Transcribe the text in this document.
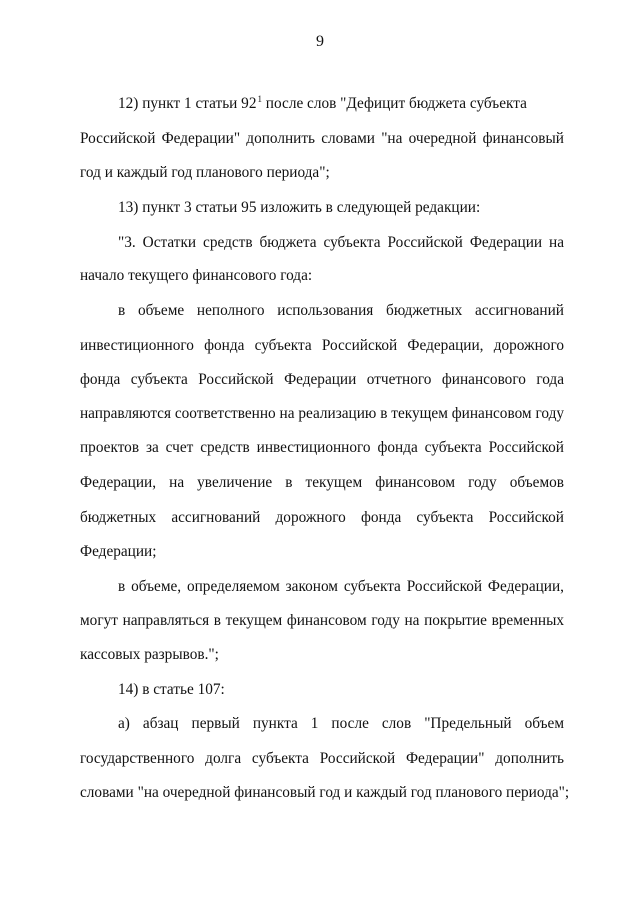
9
12) пункт 1 статьи $92^1$ после слов "Дефицит бюджета субъекта
Российской Федерации" дополнить словами "на очередной финансовый
год и каждый год планового периода";
13) пункт 3 статьи 95 изложить в следующей редакции:
"3. Остатки средств бюджета субъекта Российской Федерации на
начало текущего финансового года:
в объеме неполного использования бюджетных ассигнований
инвестиционного фонда субъекта Российской Федерации, дорожного
фонда субъекта Российской Федерации отчетного финансового года
направляются соответственно на реализацию в текущем финансовом году
проектов за счет средств инвестиционного фонда субъекта Российской
Федерации, на увеличение в текущем финансовом году объемов
бюджетных ассигнований дорожного фонда субъекта Российской
Федерации;
в объеме, определяемом законом субъекта Российской Федерации,
могут направляться в текущем финансовом году на покрытие временных
кассовых разрывов.";
14) в статье 107:
а) абзац первый пункта 1 после слов "Предельный объем
государственного долга субъекта Российской Федерации" дополнить
словами "на очередной финансовый год и каждый год планового периода";
